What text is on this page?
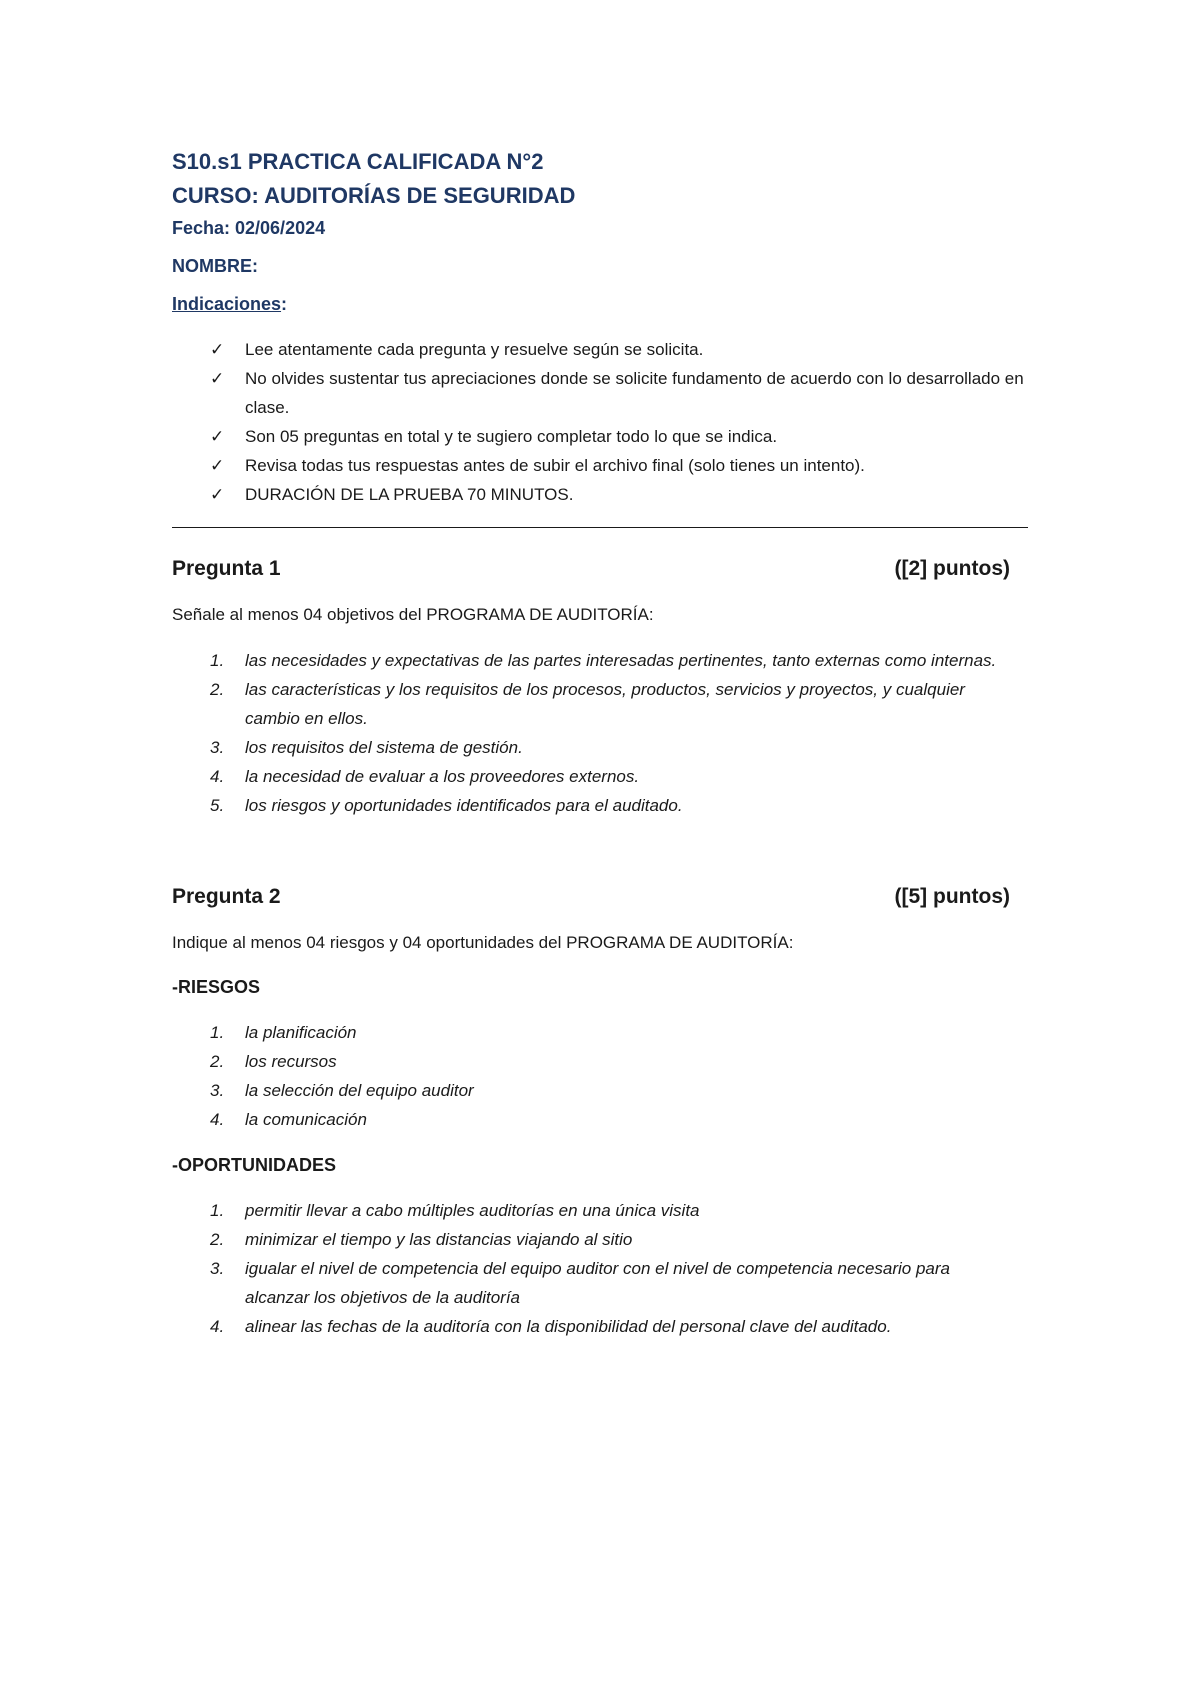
S10.s1 PRACTICA CALIFICADA N°2

CURSO: AUDITORÍAS DE SEGURIDAD

Fecha: 02/06/2024

NOMBRE:

Indicaciones:

✓ Lee atentamente cada pregunta y resuelve según se solicita.
✓ No olvides sustentar tus apreciaciones donde se solicite fundamento de acuerdo con lo desarrollado en clase.
✓ Son 05 preguntas en total y te sugiero completar todo lo que se indica.
✓ Revisa todas tus respuestas antes de subir el archivo final (solo tienes un intento).
✓ DURACIÓN DE LA PRUEBA 70 MINUTOS.
Pregunta 1	([2] puntos)
Señale al menos 04 objetivos del PROGRAMA DE AUDITORÍA:
1. las necesidades y expectativas de las partes interesadas pertinentes, tanto externas como internas.
2. las características y los requisitos de los procesos, productos, servicios y proyectos, y cualquier cambio en ellos.
3. los requisitos del sistema de gestión.
4. la necesidad de evaluar a los proveedores externos.
5. los riesgos y oportunidades identificados para el auditado.
Pregunta 2	([5] puntos)
Indique al menos 04 riesgos y 04 oportunidades del PROGRAMA DE AUDITORÍA:
-RIESGOS
1. la planificación
2. los recursos
3. la selección del equipo auditor
4. la comunicación
-OPORTUNIDADES
1. permitir llevar a cabo múltiples auditorías en una única visita
2. minimizar el tiempo y las distancias viajando al sitio
3. igualar el nivel de competencia del equipo auditor con el nivel de competencia necesario para alcanzar los objetivos de la auditoría
4. alinear las fechas de la auditoría con la disponibilidad del personal clave del auditado.
